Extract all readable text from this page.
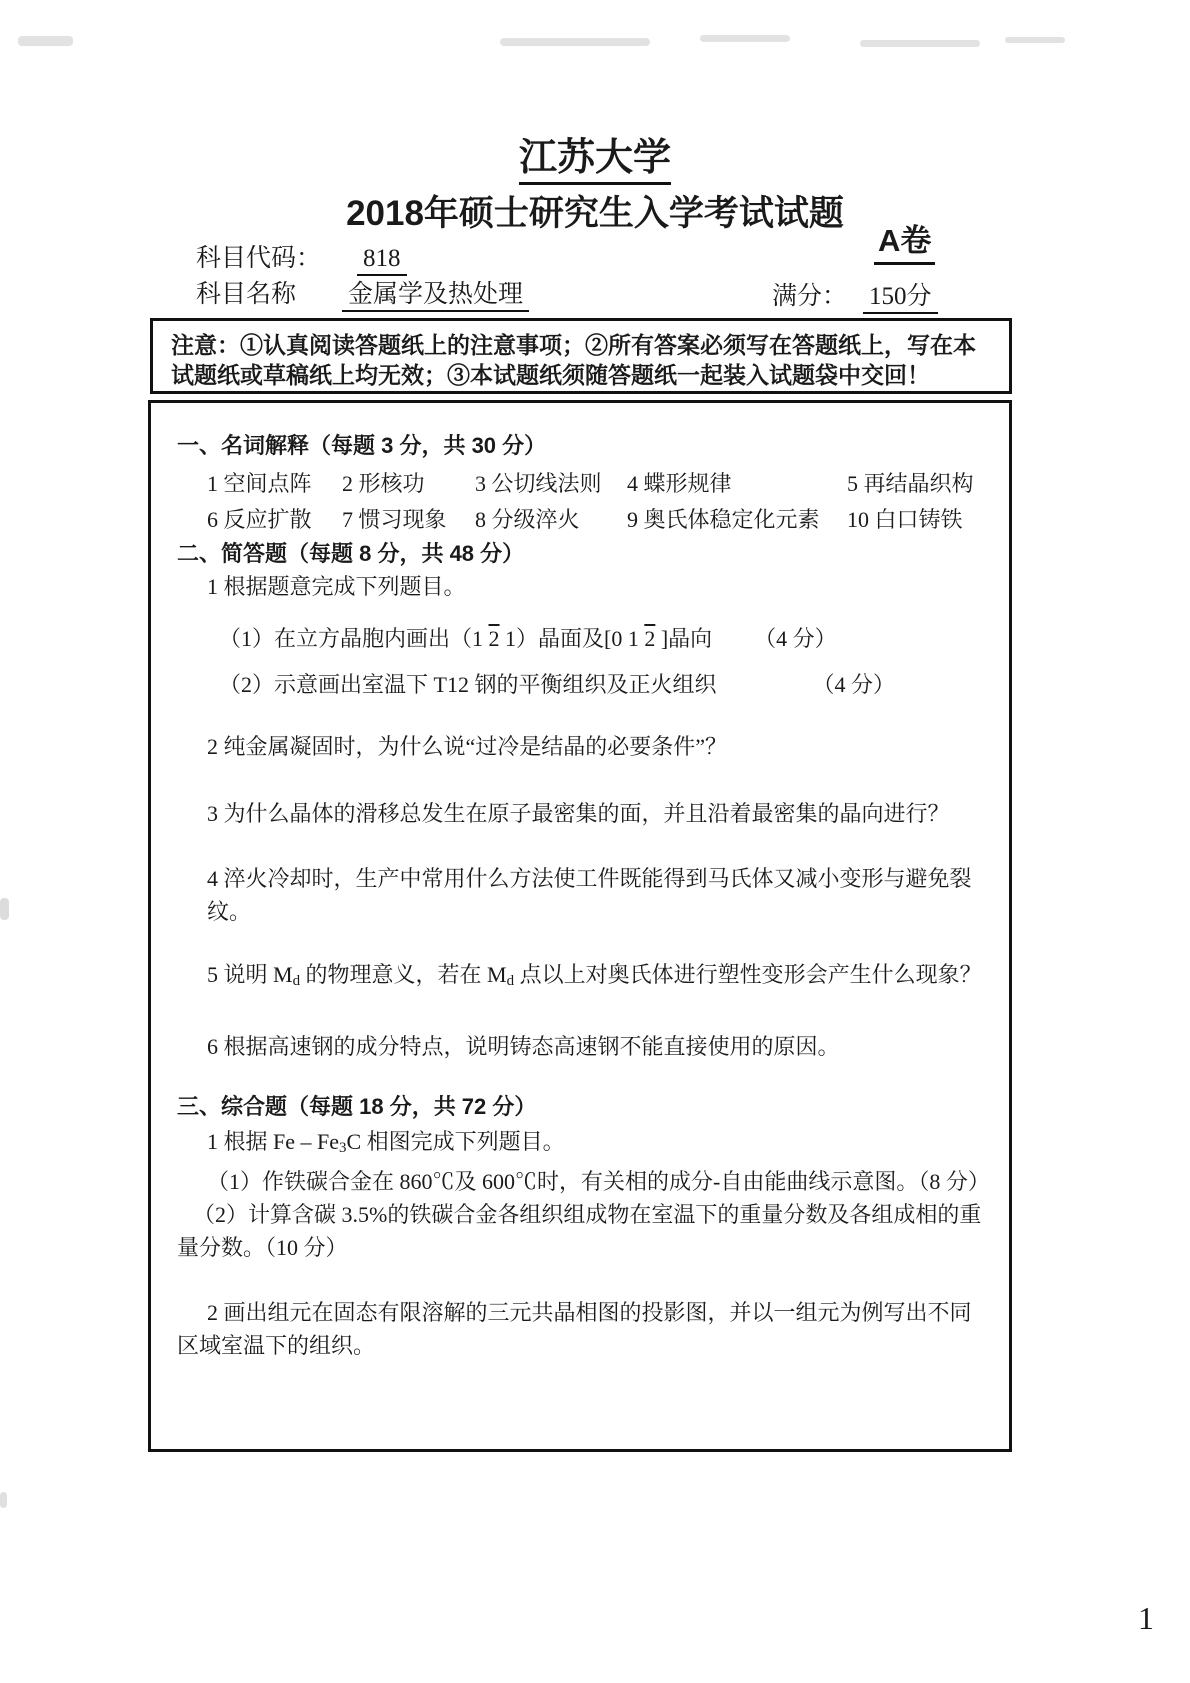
江苏大学
2018年硕士研究生入学考试试题
A卷
科目代码： 818
科目名称 金属学及热处理	满分： 150分
注意：①认真阅读答题纸上的注意事项；②所有答案必须写在答题纸上，写在本试题纸或草稿纸上均无效；③本试题纸须随答题纸一起装入试题袋中交回！

一、名词解释（每题 3 分，共 30 分）

1 空间点阵	2 形核功	3 公切线法则	4 蝶形规律	5 再结晶织构
6 反应扩散	7 惯习现象	8 分级淬火	9 奥氏体稳定化元素	10 白口铸铁

二、简答题（每题 8 分，共 48 分）

1 根据题意完成下列题目。

（1）在立方晶胞内画出（1 2 1）晶面及[0 1 2 ]晶向 （4 分）

（2）示意画出室温下 T12 钢的平衡组织及正火组织	（4 分）

2 纯金属凝固时，为什么说“过冷是结晶的必要条件”？

3 为什么晶体的滑移总发生在原子最密集的面，并且沿着最密集的晶向进行？

4 淬火冷却时，生产中常用什么方法使工件既能得到马氏体又减小变形与避免裂纹。

5 说明 Md 的物理意义，若在 Md 点以上对奥氏体进行塑性变形会产生什么现象？

6 根据高速钢的成分特点，说明铸态高速钢不能直接使用的原因。

三、综合题（每题 18 分，共 72 分）

1 根据 Fe – Fe3C 相图完成下列题目。

（1）作铁碳合金在 860℃及 600℃时，有关相的成分-自由能曲线示意图。（8 分）

（2）计算含碳 3.5%的铁碳合金各组织组成物在室温下的重量分数及各组成相的重量分数。（10 分）

2 画出组元在固态有限溶解的三元共晶相图的投影图，并以一组元为例写出不同区域室温下的组织。

1
